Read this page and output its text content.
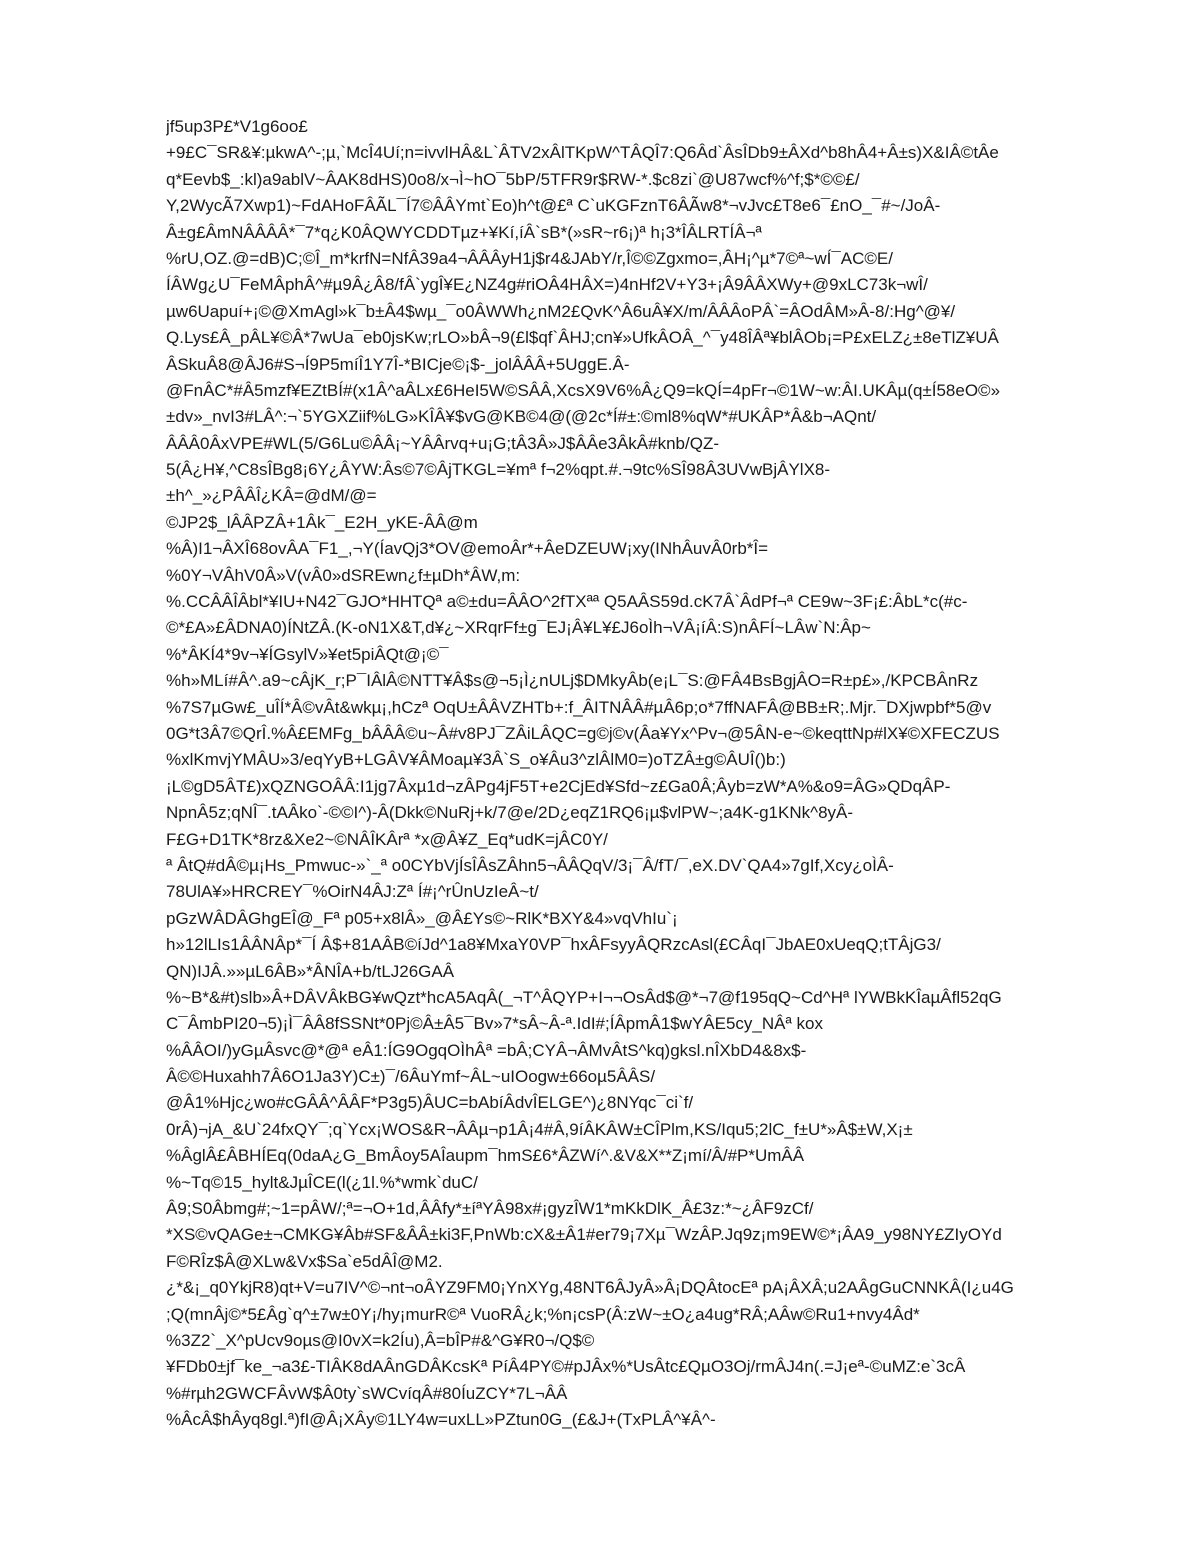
jf5up3P£*V1g6oo£
+9£C¯SR&¥:µkwA^-;µ,`McÎ4Uí;n=ivvlHÂ&L`ÂTV2xÂlTKpW^TÂQÎ7:Q6Âd`ÂsÎDb9±ÂXd^b8hÂ4+Â±s)X&IÂ©tÂe
q*Eevb$_:kl)a9ablV~ÂAK8dHS)0o8/x¬Ì~hO¯5bP/5TFR9r$RW-*.$c8zi`@U87wcf%^f;$*©©£/
Y,2WycÃ7Xwp1)~FdAHoFÂÃL¯Í7©ÂÂYmt`Eo)h^t@£ª C`uKGFznT6ÂÃw8*¬vJvc£T8e6¯£nO_¯#~/JoÂ-
Â±g£ÂmNÂÂÂÂ*¯7*q¿K0ÂQWYCDDTµz+¥Kí,íÂ`sB*(»sR~r6¡)ª h¡3*ÎÂLRTÍÂ¬ª
%rU,OZ.@=dB)C;©Î_m*krfN=NfÂ39a4¬ÂÂÂyH1j$r4&JAbY/r,Î©©Zgxmo=,ÂH¡^µ*7©ª~wÍ¯AC©E/
ÍÂWg¿U¯FeMÂphÂ^#µ9Â¿Â8/fÂ`ygÎ¥E¿NZ4g#riOÂ4HÂX=)4nHf2V+Y3+¡Â9ÂÂXWy+@9xLC73k¬wÎ/
µw6Uapuí+¡©@XmAgl»k¯b±Â4$wµ_¯o0ÂWWh¿nM2£QvK^Â6uÂ¥X/m/ÂÂÂoPÂ`=ÂOdÂM»Â-8/:Hg^@¥/
Q.Lys£Â_pÂL¥©Â*7wUa¯eb0jsKw;rLO»bÂ¬9(£l$qf`ÂHJ;cn¥»UfkÂOÂ_^¯y48ÎÂª¥blÂOb¡=P£xELZ¿±8eTlZ¥UÂ
ÂSkuÂ8@ÂJ6#S¬Í9P5míÎ1Y7Î-*BICje©¡$-_jolÂÂÂ+5UggE.Â-
@FnÂC*#Â5mzf¥EZtBÍ#(x1Â^aÂLx£6HeI5W©SÂÂ,XcsX9V6%Â¿Q9=kQÍ=4pFr¬©1W~w:ÂI.UKÂµ(q±Í58eO©»
±dv»_nvI3#LÂ^:¬`5YGXZiif%LG»KÎÂ¥$vG@KB©4@(@2c*Í#±:©ml8%qW*#UKÂP*Â&b¬AQnt/
ÂÂÂ0ÂxVPE#WL(5/G6Lu©ÂÂ¡~YÂÂrvq+u¡G;tÂ3Â»J$ÂÂe3ÂkÂ#knb/QZ-
5(Â¿H¥,^C8sÎBg8¡6Y¿ÂYW:Âs©7©ÂjTKGL=¥mª f¬2%qpt.#.¬9tc%SÎ98Â3UVwBjÂYlX8-
±h^_»¿PÂÂÎ¿KÂ=@dM/@=
©JP2$_lÂÂPZÂ+1Âk¯_E2H_yKE-ÂÂ@m
%Â)I1¬ÂXÎ68ovÂA¯F1_,¬Y(ÍavQj3*OV@emoÂr*+ÂeDZEUW¡xy(INhÂuvÂ0rb*Î=
%0Y¬VÂhV0Â»V(vÂ0»dSREwn¿f±µDh*ÂW,m:
%.CCÂÂÎÂbl*¥IU+N42¯GJO*HHTQª a©±du=ÂÂO^2fTXªª Q5AÂS59d.cK7Â`ÂdPf¬ª CE9w~3F¡£:ÂbL*c(#c-
©*£A»£ÂDNA0)ÍNtZÂ.(K-oN1X&T,d¥¿~XRqrFf±g¯EJ¡Â¥L¥£J6oÌh¬VÂ¡íÂ:S)nÂFÍ~LÂw`N:Âp~
%*ÂKÍ4*9v¬¥ÍGsylV»¥et5piÂQt@¡©¯
%h»MLí#Â^.a9~cÂjK_r;P¯IÂlÂ©NTT¥Â$s@¬5¡Ì¿nULj$DMkyÂb(e¡L¯S:@FÂ4BsBgjÂO=R±p£»,/KPCBÂnRz
%7S7µGw£_uÎÍ*Â©vÂt&wkµ¡,hCzª OqU±ÂÂVZHTb+:f_ÂITNÂÂ#µÂ6p;o*7ffNAFÂ@BB±R;.Mjr.¯DXjwpbf*5@v
0G*t3Â7©QrÎ.%Â£EMFg_bÂÂÂ©u~Â#v8PJ¯ZÂiLÂQC=g©j©v(Âa¥Yx^Pv¬@5ÂN-e~©keqttNp#lX¥©XFECZUS
%xlKmvjYMÂU»3/eqYyB+LGÂV¥ÂMoaµ¥3Â`S_o¥Âu3^zlÂlM0=)oTZÂ±g©ÂUÎ()b:)
¡L©gD5ÂT£)xQZNGOÂÂ:I1jg7Âxµ1d¬zÂPg4jF5T+e2CjEd¥Sfd~z£Ga0Â;Âyb=zW*A%&o9=ÂG»QDqÂP-
NpnÂ5z;qNÎ¯.tAÂko`-©©I^)-Â(Dkk©NuRj+k/7@e/2D¿eqZ1RQ6¡µ$vlPW~;a4K-g1KNk^8yÂ-
F£G+D1TK*8rz&Xe2~©NÂÎKÂrª *x@Â¥Z_Eq*udK=jÂC0Y/
ª ÂtQ#dÂ©µ¡Hs_Pmwuc-»`_ª o0CYbVjÍsÎÂsZÂhn5¬ÂÂQqV/3¡¯Â/fT/¯,eX.DV`QA4»7gIf,Xcy¿oÌÂ-
78UlA¥»HRCREY¯%OirN4ÂJ:Zª Í#¡^rÛnUzIeÂ~t/
pGzWÂDÂGhgEÎ@_Fª p05+x8lÂ»_@Â£Ys©~RlK*BXY&4»vqVhIu`¡
h»12lLIs1ÂÂNÂp*¯Í Â$+81AÂB©íJd^1a8¥MxaY0VP¯hxÂFsyyÂQRzcAsl(£CÂqI¯JbAE0xUeqQ;tTÂjG3/
QN)IJÂ.»»µL6ÂB»*ÂNÎA+b/tLJ26GAÂ
%~B*&#t)slb»Â+DÂVÂkBG¥wQzt*hcA5AqÂ(_¬T^ÂQYP+I¬¬OsÂd$@*¬7@f195qQ~Cd^Hª lYWBkKÎaµÂfl52qG
C¯ÂmbPI20¬5)¡Ì¯ÂÂ8fSSNt*0Pj©Â±Â5¯Bv»7*sÂ~Â-ª.IdI#;ÍÂpmÂ1$wYÂE5cy_NÂª kox
%ÂÂOI/)yGµÂsvc@*@ª eÂ1:ÍG9OgqOÌhÂª =bÂ;CYÂ¬ÂMvÂtS^kq)gksl.nÎXbD4&8x$-
Â©©Huxahh7Â6O1Ja3Y)C±)¯/6ÂuYmf~ÂL~uIOogw±66oµ5ÂÂS/
@Â1%Hjc¿wo#cGÂÂ^ÂÂF*P3g5)ÂUC=bAbíÂdvÎELGE^)¿8NYqc¯ci`f/
0rÂ)¬jA_&U`24fxQY¯;q`Ycx¡WOS&R¬ÂÂµ¬p1Â¡4#Â,9íÂKÂW±CÎPlm,KS/Iqu5;2lC_f±U*»Â$±W,X¡±
%ÂglÂ£ÂBHÍEq(0daA¿G_BmÂoy5AÎaupm¯hmS£6*ÂZWí^.&V&X**Z¡mí/Â/#P*UmÂÂ
%~Tq©15_hylt&JµÎCE(l(¿1l.%*wmk`duC/
Â9;S0Âbmg#;~1=pÂW/;ª=¬O+1d,ÂÂfy*±íªYÂ98x#¡gyzÎW1*mKkDlK_Â£3z:*~¿ÂF9zCf/
*XS©vQAGe±¬CMKG¥Âb#SF&ÂÂ±ki3F,PnWb:cX&±Â1#er79¡7Xµ¯WzÂP.Jq9z¡m9EW©*¡ÂA9_y98NY£ZIyOYd
F©RÎz$Â@XLw&Vx$Sa`e5dÂÎ@M2.
¿*&¡_q0YkjR8)qt+V=u7IV^©¬nt¬oÂYZ9FM0¡YnXYg,48NT6ÂJyÂ»Â¡DQÂtocEª pA¡ÂXÂ;u2AÂgGuCNNKÂ(I¿u4G
;Q(mnÂj©*5£Âg`q^±7w±0Y¡/hy¡murR©ª VuoRÂ¿k;%n¡csP(Â:zW~±O¿a4ug*RÂ;AÂw©Ru1+nvy4Âd*
%3Z2`_X^pUcv9oµs@I0vX=k2Íu),Â=bÎP#&^G¥R0¬/Q$©
¥FDb0±jf¯ke_¬a3£-TIÂK8dAÂnGDÂKcsKª PíÂ4PY©#pJÂx%*UsÂtc£QµO3Oj/rmÂJ4n(.=J¡eª-©uMZ:e`3cÂ
%#rµh2GWCFÂvW$Â0ty`sWCvíqÂ#80ÍuZCY*7L¬ÂÂ
%ÂcÂ$hÂyq8gl.ª)fI@Â¡XÂy©1LY4w=uxLL»PZtun0G_(£&J+(TxPLÂ^¥Â^-
